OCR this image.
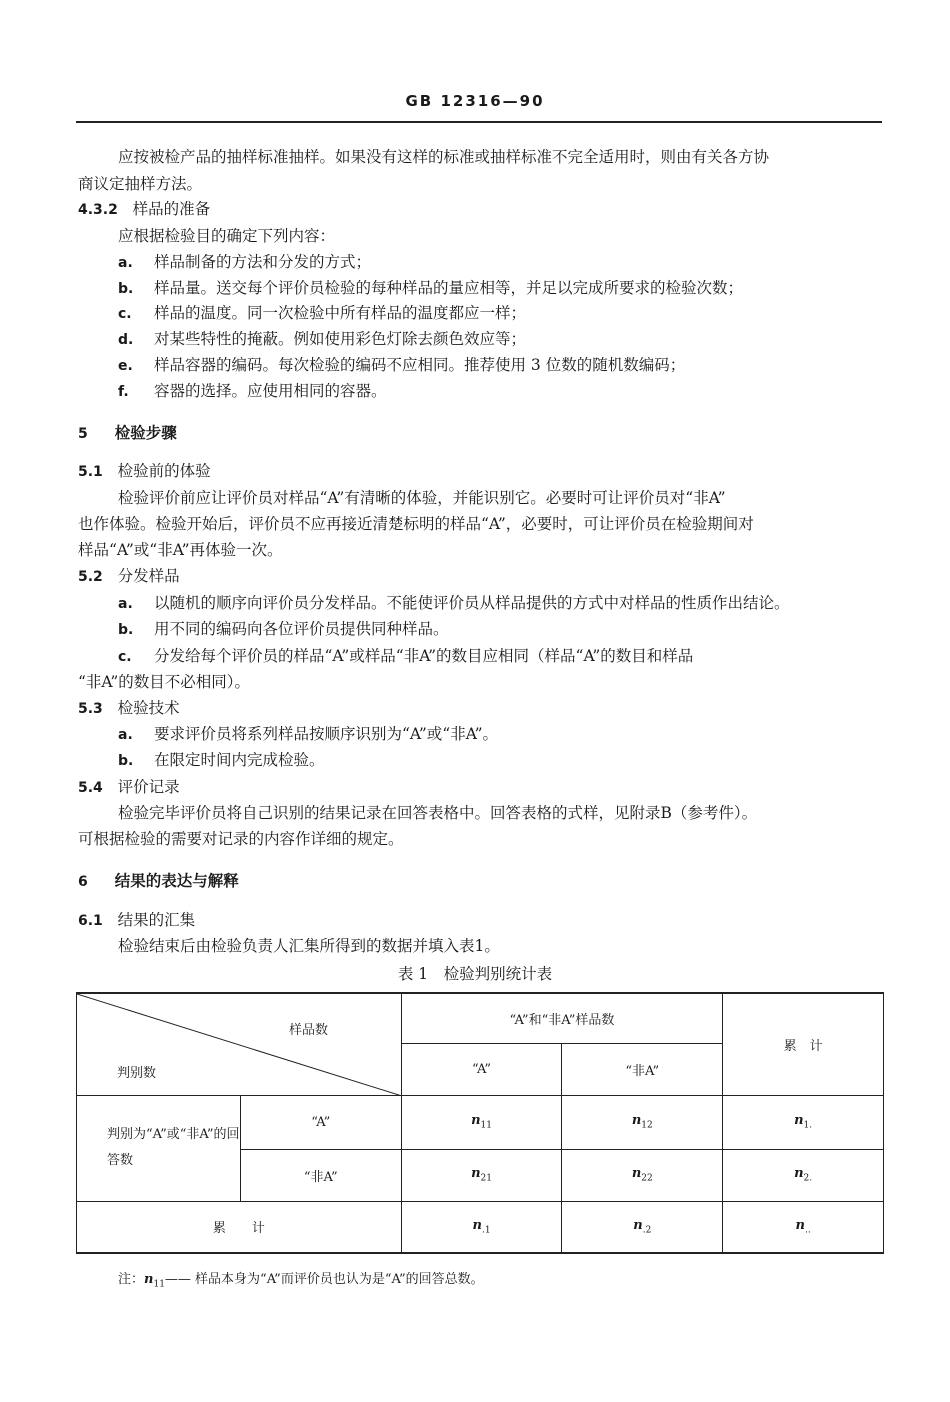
GB 12316—90
应按被检产品的抽样标准抽样。如果没有这样的标准或抽样标准不完全适用时，则由有关各方协
商议定抽样方法。
4.3.2 样品的准备
应根据检验目的确定下列内容：
a. 样品制备的方法和分发的方式；
b. 样品量。送交每个评价员检验的每种样品的量应相等，并足以完成所要求的检验次数；
c. 样品的温度。同一次检验中所有样品的温度都应一样；
d. 对某些特性的掩蔽。例如使用彩色灯除去颜色效应等；
e. 样品容器的编码。每次检验的编码不应相同。推荐使用 3 位数的随机数编码；
f. 容器的选择。应使用相同的容器。
5 检验步骤
5.1 检验前的体验
检验评价前应让评价员对样品“A”有清晰的体验，并能识别它。必要时可让评价员对“非A”
也作体验。检验开始后，评价员不应再接近清楚标明的样品“A”，必要时，可让评价员在检验期间对
样品“A”或“非A”再体验一次。
5.2 分发样品
a. 以随机的顺序向评价员分发样品。不能使评价员从样品提供的方式中对样品的性质作出结论。
b. 用不同的编码向各位评价员提供同种样品。
c. 分发给每个评价员的样品“A”或样品“非A”的数目应相同（样品“A”的数目和样品
“非A”的数目不必相同）。
5.3 检验技术
a. 要求评价员将系列样品按顺序识别为“A”或“非A”。
b. 在限定时间内完成检验。
5.4 评价记录
检验完毕评价员将自己识别的结果记录在回答表格中。回答表格的式样，见附录B（参考件）。
可根据检验的需要对记录的内容作详细的规定。
6 结果的表达与解释
6.1 结果的汇集
检验结束后由检验负责人汇集所得到的数据并填入表1。
表 1　检验判别统计表
样品数
判别数		“A”和“非A”样品数		累　计
		“A”	“非A”	
判别为“A”或“非A”的回答数	“A”	$n_{11}$	$n_{12}$	$n_{1.}$
	“非A”	$n_{21}$	$n_{22}$	$n_{2.}$
累　　计		$n_{.1}$	$n_{.2}$	$n_{..}$
注：$n_{11}——$ 样品本身为“A”而评价员也认为是“A”的回答总数。
